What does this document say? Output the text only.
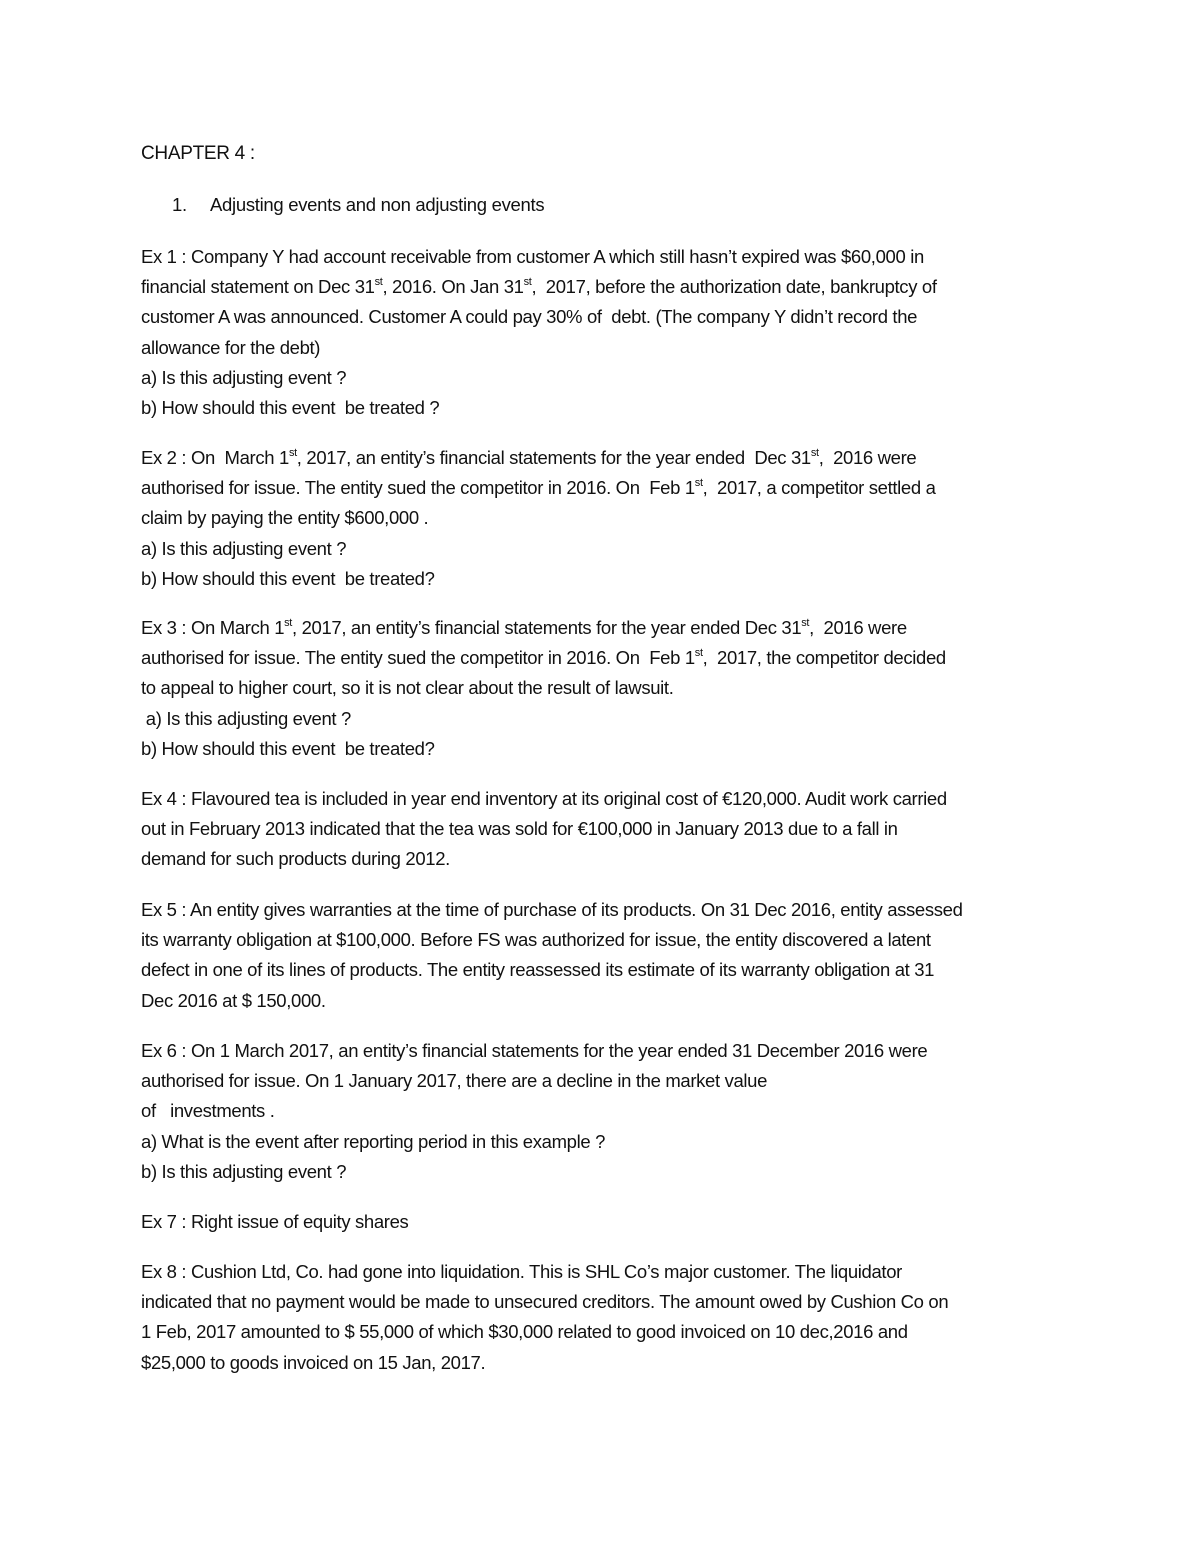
CHAPTER 4 :
1. Adjusting events and non adjusting events
Ex 1 : Company Y had account receivable from customer A which still hasn’t expired was $60,000 in
financial statement on Dec 31st, 2016. On Jan 31st,  2017, before the authorization date, bankruptcy of
customer A was announced. Customer A could pay 30% of  debt. (The company Y didn’t record the
allowance for the debt)
a) Is this adjusting event ?
b) How should this event  be treated ?
Ex 2 : On  March 1st, 2017, an entity’s financial statements for the year ended  Dec 31st,  2016 were
authorised for issue. The entity sued the competitor in 2016. On  Feb 1st,  2017, a competitor settled a
claim by paying the entity $600,000 .
a) Is this adjusting event ?
b) How should this event  be treated?
Ex 3 : On March 1st, 2017, an entity’s financial statements for the year ended Dec 31st,  2016 were
authorised for issue. The entity sued the competitor in 2016. On  Feb 1st,  2017, the competitor decided
to appeal to higher court, so it is not clear about the result of lawsuit.
a) Is this adjusting event ?
b) How should this event  be treated?
Ex 4 : Flavoured tea is included in year end inventory at its original cost of €120,000. Audit work carried
out in February 2013 indicated that the tea was sold for €100,000 in January 2013 due to a fall in
demand for such products during 2012.
Ex 5 : An entity gives warranties at the time of purchase of its products. On 31 Dec 2016, entity assessed
its warranty obligation at $100,000. Before FS was authorized for issue, the entity discovered a latent
defect in one of its lines of products. The entity reassessed its estimate of its warranty obligation at 31
Dec 2016 at $ 150,000.
Ex 6 : On 1 March 2017, an entity’s financial statements for the year ended 31 December 2016 were
authorised for issue. On 1 January 2017, there are a decline in the market value
of   investments .
a) What is the event after reporting period in this example ?
b) Is this adjusting event ?
Ex 7 : Right issue of equity shares
Ex 8 : Cushion Ltd, Co. had gone into liquidation. This is SHL Co’s major customer. The liquidator
indicated that no payment would be made to unsecured creditors. The amount owed by Cushion Co on
1 Feb, 2017 amounted to $ 55,000 of which $30,000 related to good invoiced on 10 dec,2016 and
$25,000 to goods invoiced on 15 Jan, 2017.
